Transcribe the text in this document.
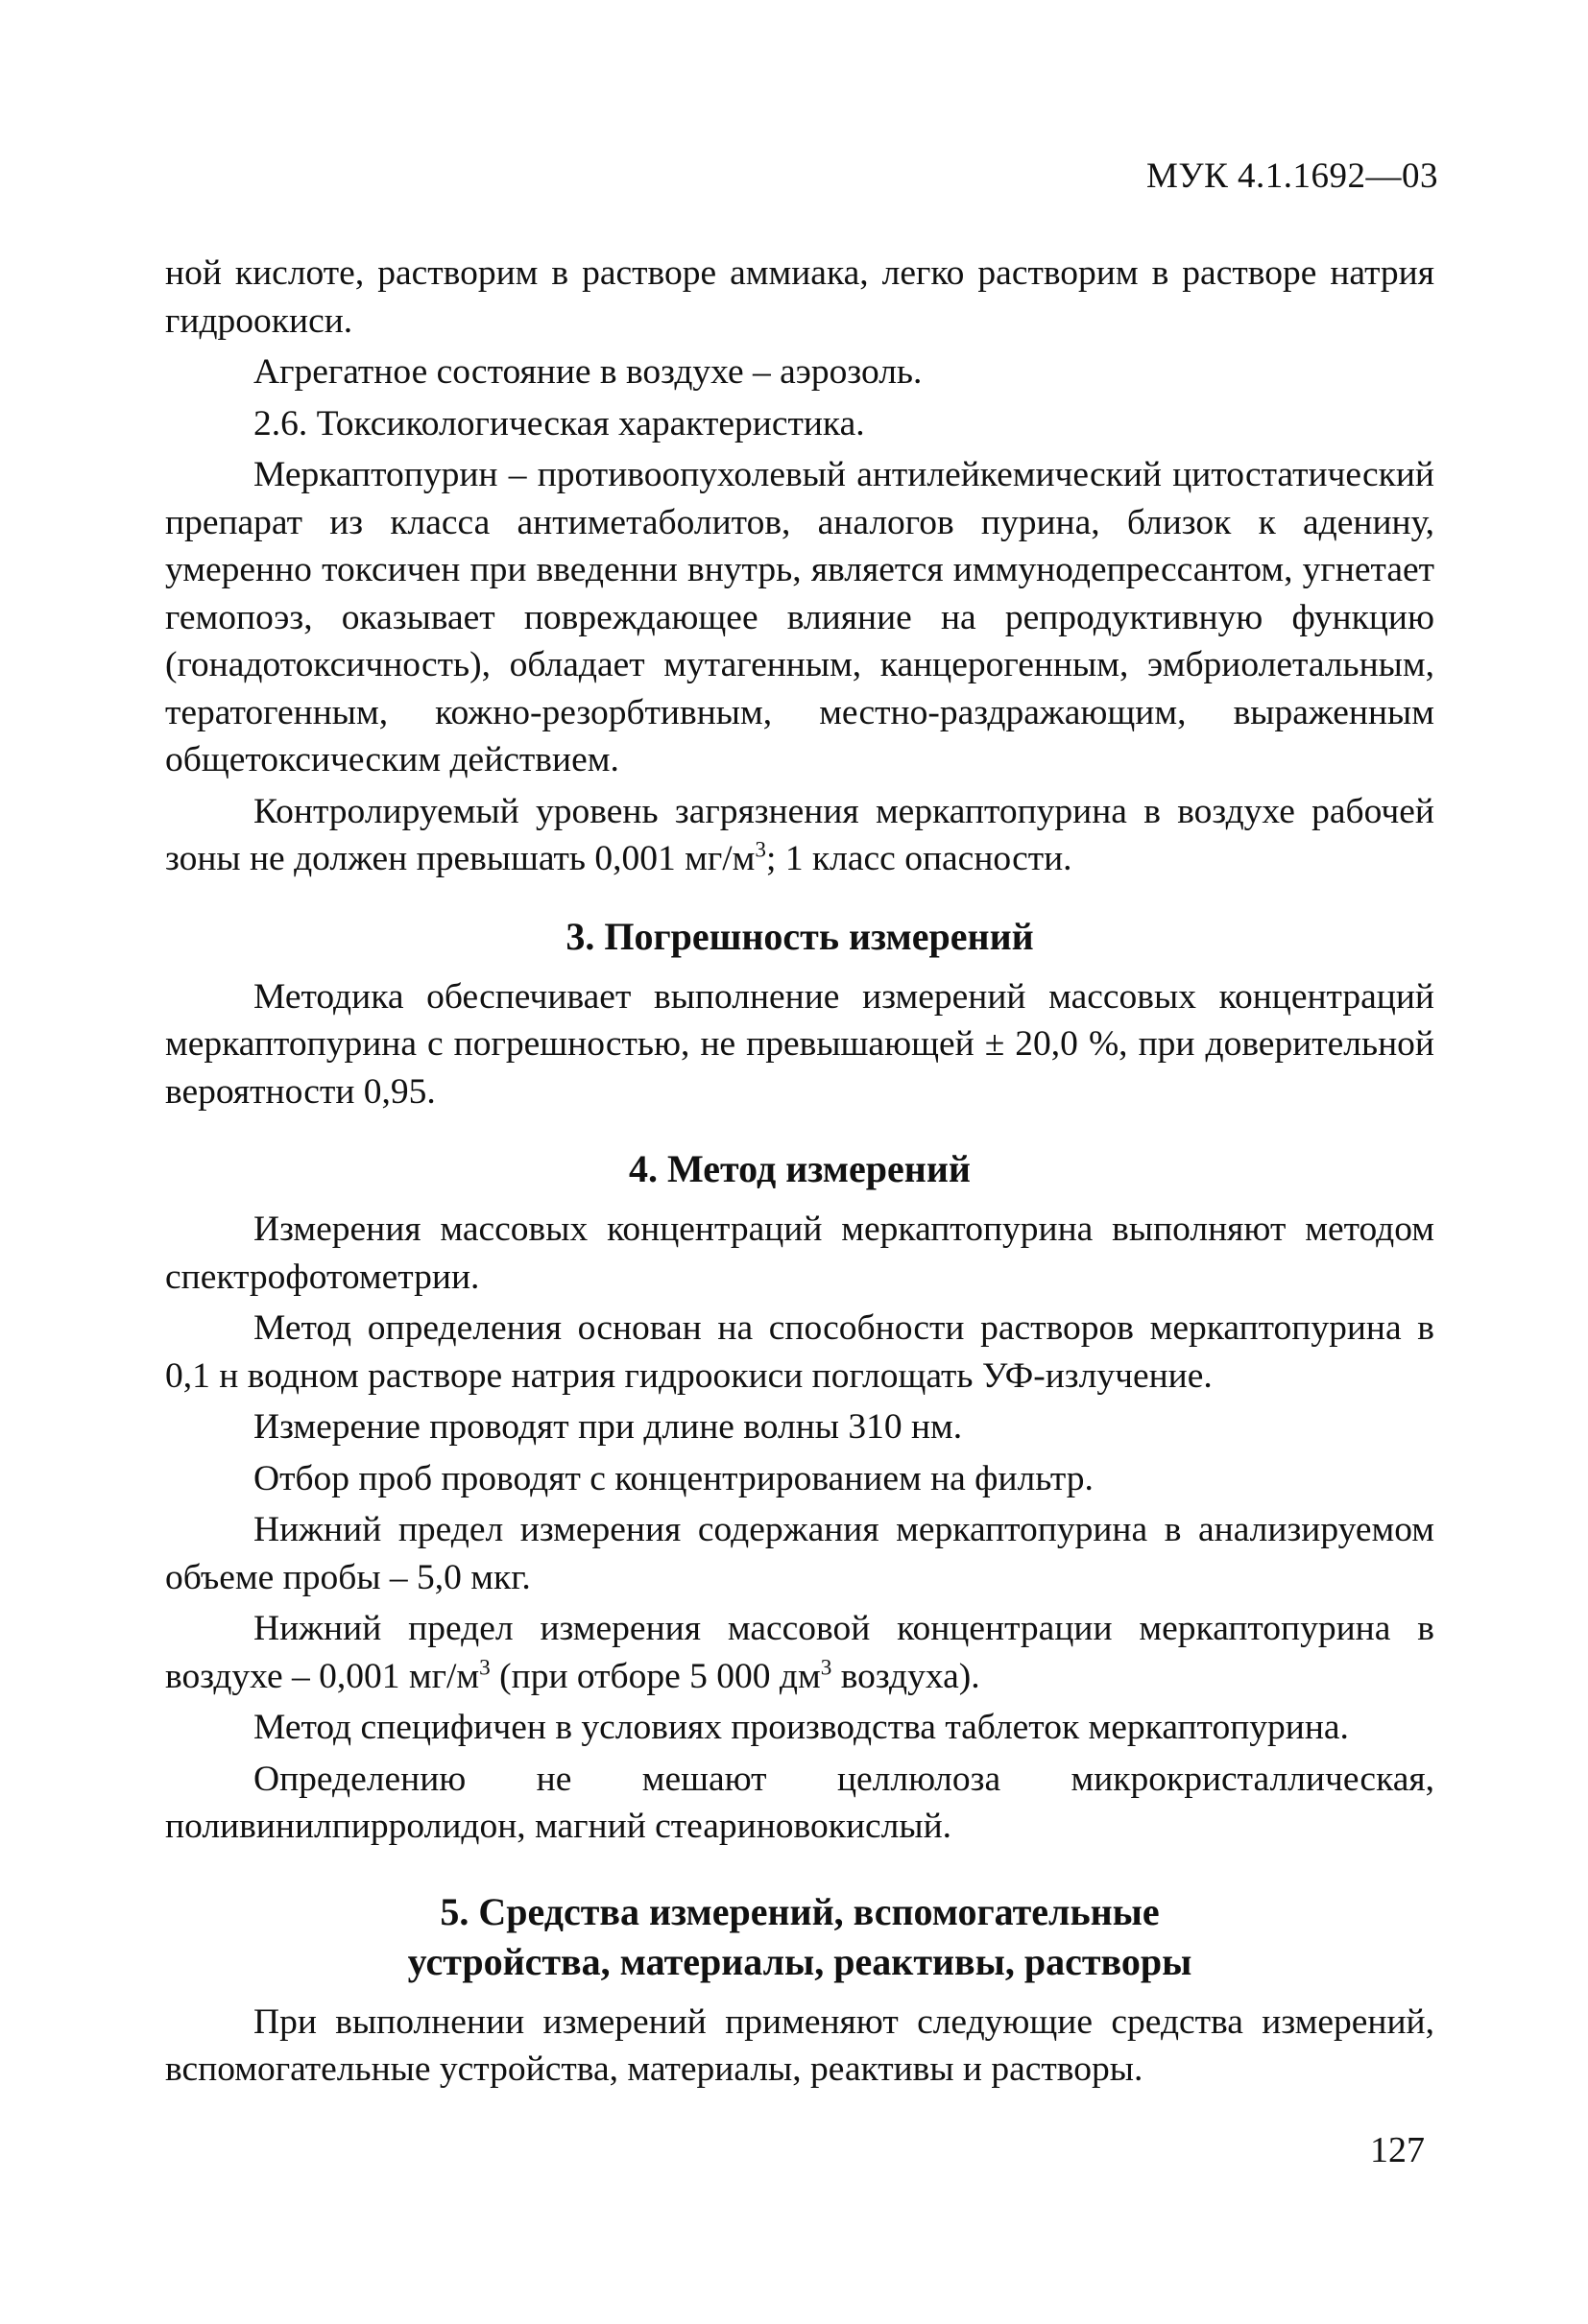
МУК 4.1.1692—03

ной кислоте, растворим в растворе аммиака, легко растворим в растворе натрия гидроокиси.

Агрегатное состояние в воздухе – аэрозоль.

2.6. Токсикологическая характеристика.

Меркаптопурин – противоопухолевый антилейкемический цитостатический препарат из класса антиметаболитов, аналогов пурина, близок к аденину, умеренно токсичен при введенни внутрь, является иммунодепрессантом, угнетает гемопоэз, оказывает повреждающее влияние на репродуктивную функцию (гонадотоксичность), обладает мутагенным, канцерогенным, эмбриолетальным, тератогенным, кожно-резорбтивным, местно-раздражающим, выраженным общетоксическим действием.

Контролируемый уровень загрязнения меркаптопурина в воздухе рабочей зоны не должен превышать 0,001 $мг/м^3$; 1 класс опасности.

3. Погрешность измерений

Методика обеспечивает выполнение измерений массовых концентраций меркаптопурина с погрешностью, не превышающей ± 20,0 %, при доверительной вероятности 0,95.

4. Метод измерений

Измерения массовых концентраций меркаптопурина выполняют методом спектрофотометрии.

Метод определения основан на способности растворов меркаптопурина в 0,1 н водном растворе натрия гидроокиси поглощать УФ-излучение.

Измерение проводят при длине волны 310 нм.

Отбор проб проводят с концентрированием на фильтр.

Нижний предел измерения содержания меркаптопурина в анализируемом объеме пробы – 5,0 мкг.

Нижний предел измерения массовой концентрации меркаптопурина в воздухе – 0,001 $мг/м^3$ (при отборе 5 000 $дм^3$ воздуха).

Метод специфичен в условиях производства таблеток меркаптопурина.

Определению не мешают целлюлоза микрокристаллическая, поливинилпирролидон, магний стеариновокислый.

5. Средства измерений, вспомогательные
устройства, материалы, реактивы, растворы

При выполнении измерений применяют следующие средства измерений, вспомогательные устройства, материалы, реактивы и растворы.

127
